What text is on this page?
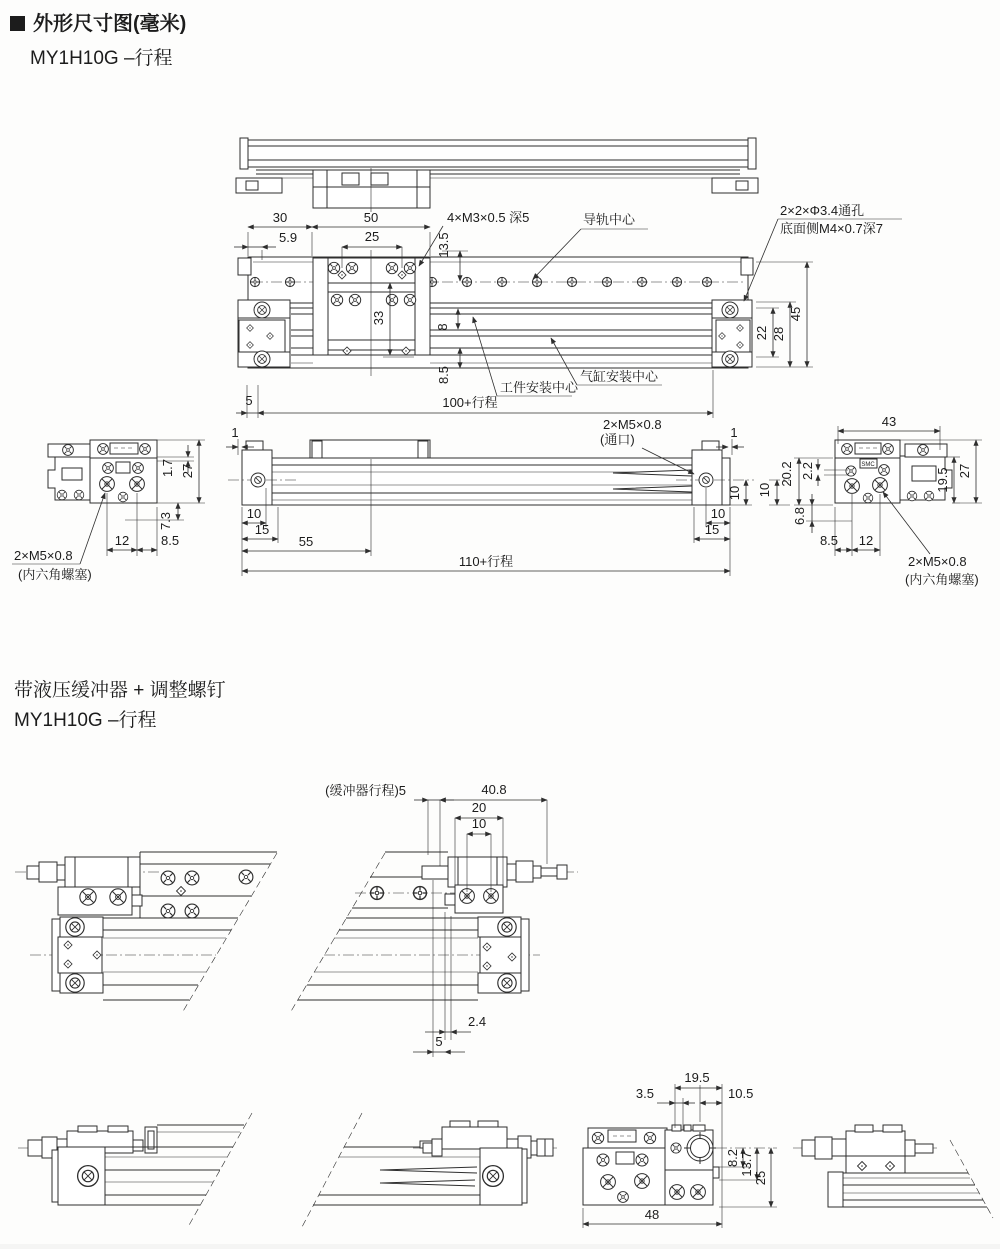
外形尺寸图(毫米)
MY1H10G –行程
30	50
5.9	25	13.5
33
8
8.5
22 28
45
5	100+行程
4×M3×0.5 深5	导轨中心
2×2×Φ3.4通孔
底面侧M4×0.7深7
工件安装中心
气缸安装中心
1.7 27
7.3
12 8.5
2×M5×0.8
(内六角螺塞)
1	1
2×M5×0.8
(通口)
10
15
10
15
55
110+行程
10
SMC
43
2.2
20.2
10
6.8
8.5 12
19.5 27
2×M5×0.8
(内六角螺塞)
带液压缓冲器 + 调整螺钉
MY1H10G –行程
(缓冲器行程)5	40.8
20
10
2.4
5
19.5
3.5	10.5
8.2 13.7
25
48
